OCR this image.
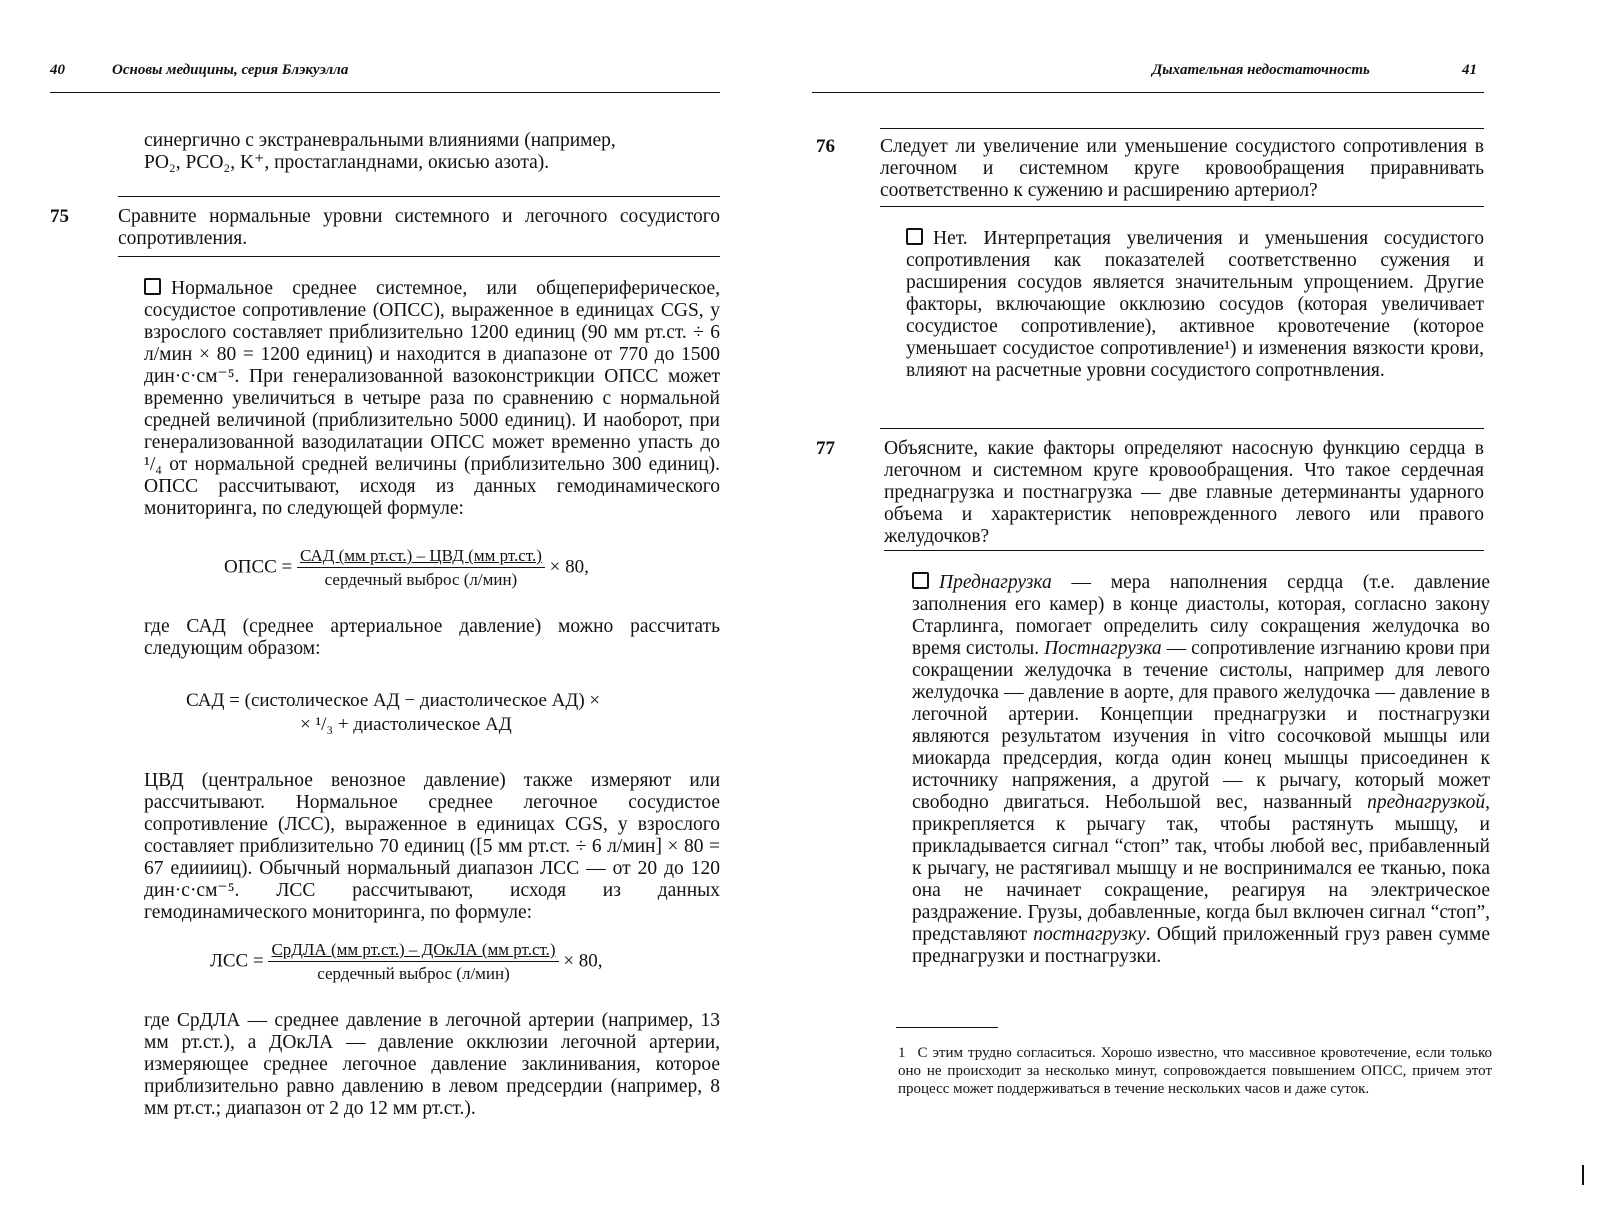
40	Основы медицины, серия Блэкуэлла
синергично с экстраневральными влияниями (например,
PO₂, PCO₂, K⁺, простагланднами, окисью азота).
75	Сравните нормальные уровни системного и легочного сосудистого сопротивления.
Нормальное среднее системное, или общепериферическое, сосудистое сопротивление (ОПСС), выраженное в единицах CGS, у взрослого составляет приблизительно 1200 единиц (90 мм рт.ст. ÷ 6 л/мин × 80 = 1200 единиц) и находится в диапазоне от 770 до 1500 дин·с·см⁻⁵. При генерализованной вазоконстрикции ОПСС может временно увеличиться в четыре раза по сравнению с нормальной средней величиной (приблизительно 5000 единиц). И наоборот, при генерализованной вазодилатации ОПСС может временно упасть до ¹/₄ от нормальной средней величины (приблизительно 300 единиц). ОПСС рассчитывают, исходя из данных гемодинамического мониторинга, по следующей формуле:
ОПСС = $\frac{\text{САД (мм рт.ст.) – ЦВД (мм рт.ст.)}}{\text{сердечный выброс (л/мин)}} \times 80$,
где САД (среднее артериальное давление) можно рассчитать следующим образом:
САД = (систолическое АД − диастолическое АД) ×
× ¹/₃ + диастолическое АД
ЦВД (центральное венозное давление) также измеряют или рассчитывают. Нормальное среднее легочное сосудистое сопротивление (ЛСС), выраженное в единицах CGS, у взрослого составляет приблизительно 70 единиц ([5 мм рт.ст. ÷ 6 л/мин] × 80 = 67 едииииц). Обычный нормальный диапазон ЛСС — от 20 до 120 дин·с·см⁻⁵. ЛСС рассчитывают, исходя из данных гемодинамического мониторинга, по формуле:
ЛСС = $\frac{\text{СрДЛА (мм рт.ст.) – ДОкЛА (мм рт.ст.)}}{\text{сердечный выброс (л/мин)}} \times 80$,
где СрДЛА — среднее давление в легочной артерии (например, 13 мм рт.ст.), а ДОкЛА — давление окклюзии легочной артерии, измеряющее среднее легочное давление заклинивания, которое приблизительно равно давлению в левом предсердии (например, 8 мм рт.ст.; диапазон от 2 до 12 мм рт.ст.).
Дыхательная недостаточность	41
76 Следует ли увеличение или уменьшение сосудистого сопротивления в легочном и системном круге кровообращения приравнивать соответственно к сужению и расширению артериол?
Нет. Интерпретация увеличения и уменьшения сосудистого сопротивления как показателей соответственно сужения и расширения сосудов является значительным упрощением. Другие факторы, включающие окклюзию сосудов (которая увеличивает сосудистое сопротивление), активное кровотечение (которое уменьшает сосудистое сопротивление¹) и изменения вязкости крови, влияют на расчетные уровни сосудистого сопротнвления.
77	Объясните, какие факторы определяют насосную функцию сердца в легочном и системном круге кровообращения. Что такое сердечная преднагрузка и постнагрузка — две главные детерминанты ударного объема и характеристик неповрежденного левого или правого желудочков?
Преднагрузка — мера наполнения сердца (т.е. давление заполнения его камер) в конце диастолы, которая, согласно закону Старлинга, помогает определить силу сокращения желудочка во время систолы. Постнагрузка — сопротивление изгнанию крови при сокращении желудочка в течение систолы, например для левого желудочка — давление в аорте, для правого желудочка — давление в легочной артерии. Концепции преднагрузки и постнагрузки являются результатом изучения in vitro сосочковой мышцы или миокарда предсердия, когда один конец мышцы присоединен к источнику напряжения, а другой — к рычагу, который может свободно двигаться. Небольшой вес, названный преднагрузкой, прикрепляется к рычагу так, чтобы растянуть мышцу, и прикладывается сигнал “стоп” так, чтобы любой вес, прибавленный к рычагу, не растягивал мышцу и не воспринимался ее тканью, пока она не начинает сокращение, реагируя на электрическое раздражение. Грузы, добавленные, когда был включен сигнал “стоп”, представляют постнагрузку. Общий приложенный груз равен сумме преднагрузки и постнагрузки.
1 С этим трудно согласиться. Хорошо известно, что массивное кровотечение, если только оно не происходит за несколько минут, сопровождается повышением ОПСС, причем этот процесс может поддерживаться в течение нескольких часов и даже суток.
